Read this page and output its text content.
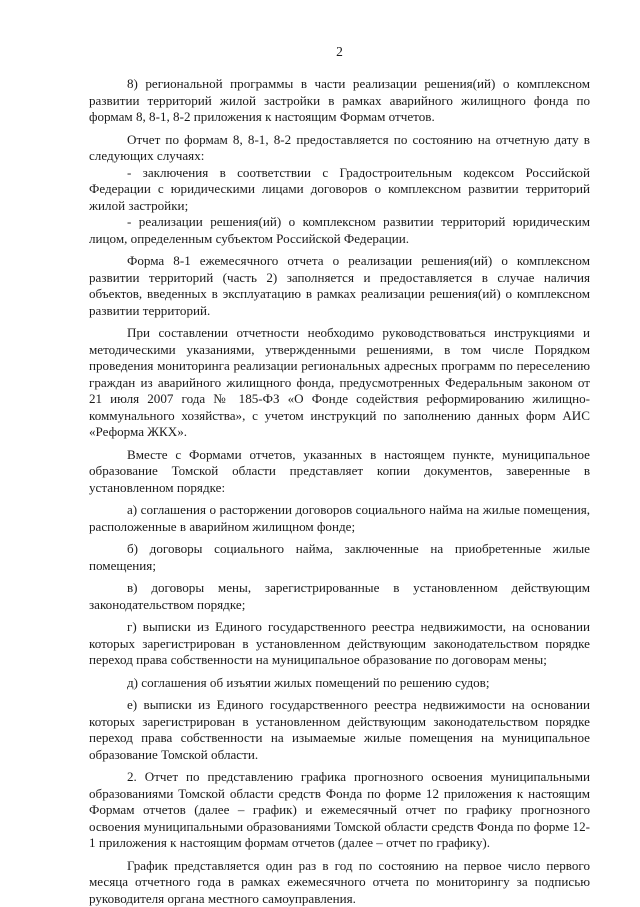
2

8) региональной программы в части реализации решения(ий) о комплексном развитии территорий жилой застройки в рамках аварийного жилищного фонда по формам 8, 8-1, 8-2 приложения к настоящим Формам отчетов.

Отчет по формам 8, 8-1, 8-2 предоставляется по состоянию на отчетную дату в следующих случаях:

- заключения в соответствии с Градостроительным кодексом Российской Федерации с юридическими лицами договоров о комплексном развитии территорий жилой застройки;

- реализации решения(ий) о комплексном развитии территорий юридическим лицом, определенным субъектом Российской Федерации.

Форма 8-1 ежемесячного отчета о реализации решения(ий) о комплексном развитии территорий (часть 2) заполняется и предоставляется в случае наличия объектов, введенных в эксплуатацию в рамках реализации решения(ий) о комплексном развитии территорий.

При составлении отчетности необходимо руководствоваться инструкциями и методическими указаниями, утвержденными решениями, в том числе Порядком проведения мониторинга реализации региональных адресных программ по переселению граждан из аварийного жилищного фонда, предусмотренных Федеральным законом от 21 июля 2007 года № 185-ФЗ «О Фонде содействия реформированию жилищно-коммунального хозяйства», с учетом инструкций по заполнению данных форм АИС «Реформа ЖКХ».

Вместе с Формами отчетов, указанных в настоящем пункте, муниципальное образование Томской области представляет копии документов, заверенные в установленном порядке:

а) соглашения о расторжении договоров социального найма на жилые помещения, расположенные в аварийном жилищном фонде;

б) договоры социального найма, заключенные на приобретенные жилые помещения;

в) договоры мены, зарегистрированные в установленном действующим законодательством порядке;

г) выписки из Единого государственного реестра недвижимости, на основании которых зарегистрирован в установленном действующим законодательством порядке переход права собственности на муниципальное образование по договорам мены;

д) соглашения об изъятии жилых помещений по решению судов;

е) выписки из Единого государственного реестра недвижимости на основании которых зарегистрирован в установленном действующим законодательством порядке переход права собственности на изымаемые жилые помещения на муниципальное образование Томской области.

2. Отчет по представлению графика прогнозного освоения муниципальными образованиями Томской области средств Фонда по форме 12 приложения к настоящим Формам отчетов (далее – график) и ежемесячный отчет по графику прогнозного освоения муниципальными образованиями Томской области средств Фонда по форме 12-1 приложения к настоящим формам отчетов (далее – отчет по графику).

График представляется один раз в год по состоянию на первое число первого месяца отчетного года в рамках ежемесячного отчета по мониторингу за подписью руководителя органа местного самоуправления.
